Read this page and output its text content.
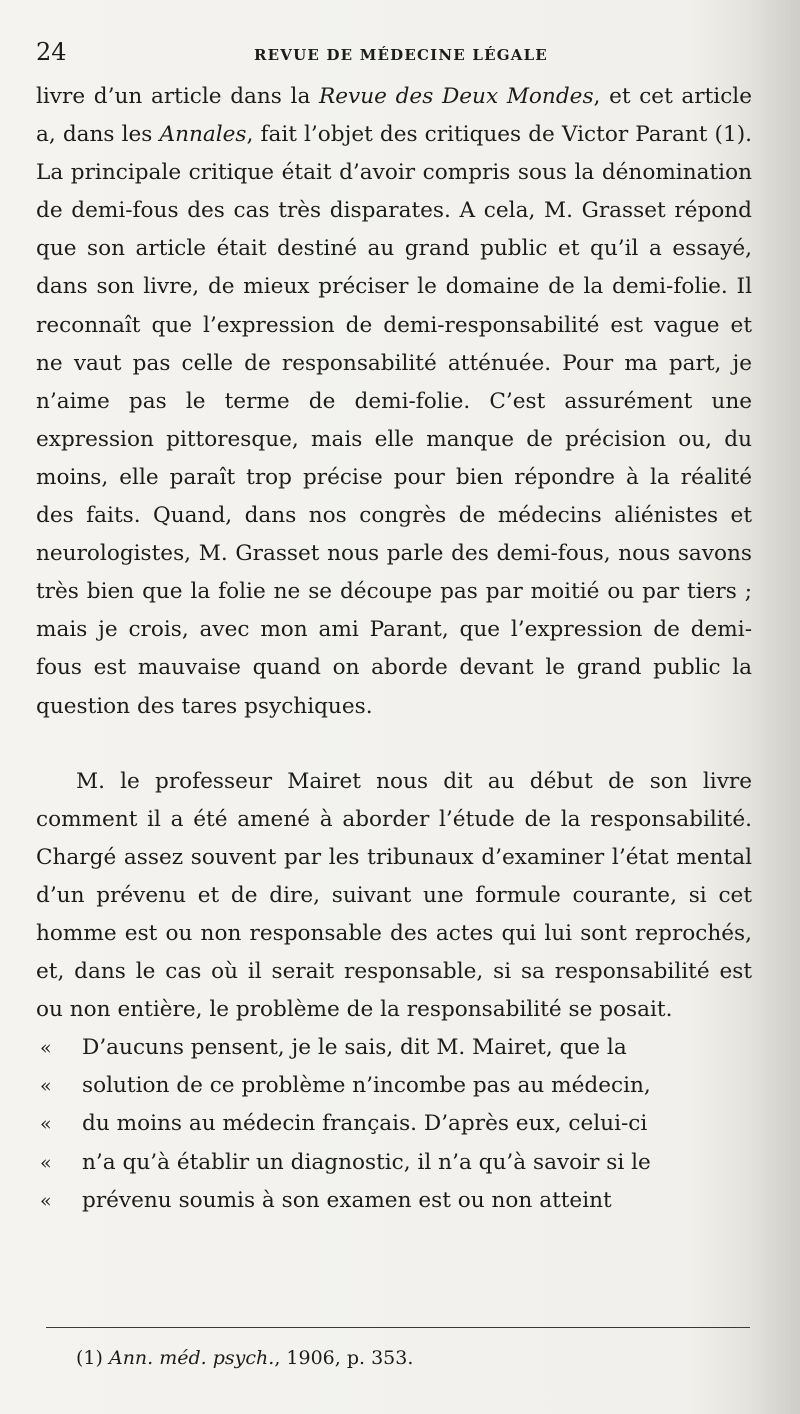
24	REVUE DE MÉDECINE LÉGALE

livre d’un article dans la Revue des Deux Mondes, et cet article a, dans les Annales, fait l’objet des critiques de Victor Parant (1). La principale critique était d’avoir compris sous la dénomination de demi-fous des cas très disparates. A cela, M. Grasset répond que son article était destiné au grand public et qu’il a essayé, dans son livre, de mieux préciser le domaine de la demi-folie. Il reconnaît que l’expression de demi-responsabilité est vague et ne vaut pas celle de responsabilité atténuée. Pour ma part, je n’aime pas le terme de demi-folie. C’est assurément une expression pittoresque, mais elle manque de précision ou, du moins, elle paraît trop précise pour bien répondre à la réalité des faits. Quand, dans nos congrès de médecins aliénistes et neurologistes, M. Grasset nous parle des demi-fous, nous savons très bien que la folie ne se découpe pas par moitié ou par tiers ; mais je crois, avec mon ami Parant, que l’expression de demi-fous est mauvaise quand on aborde devant le grand public la question des tares psychiques.

M. le professeur Mairet nous dit au début de son livre comment il a été amené à aborder l’étude de la responsabilité. Chargé assez souvent par les tribunaux d’examiner l’état mental d’un prévenu et de dire, suivant une formule courante, si cet homme est ou non responsable des actes qui lui sont reprochés, et, dans le cas où il serait responsable, si sa responsabilité est ou non entière, le problème de la responsabilité se posait.

« D’aucuns pensent, je le sais, dit M. Mairet, que la
« solution de ce problème n’incombe pas au médecin,
« du moins au médecin français. D’après eux, celui-ci
« n’a qu’à établir un diagnostic, il n’a qu’à savoir si le
« prévenu soumis à son examen est ou non atteint
(1) Ann. méd. psych., 1906, p. 353.
